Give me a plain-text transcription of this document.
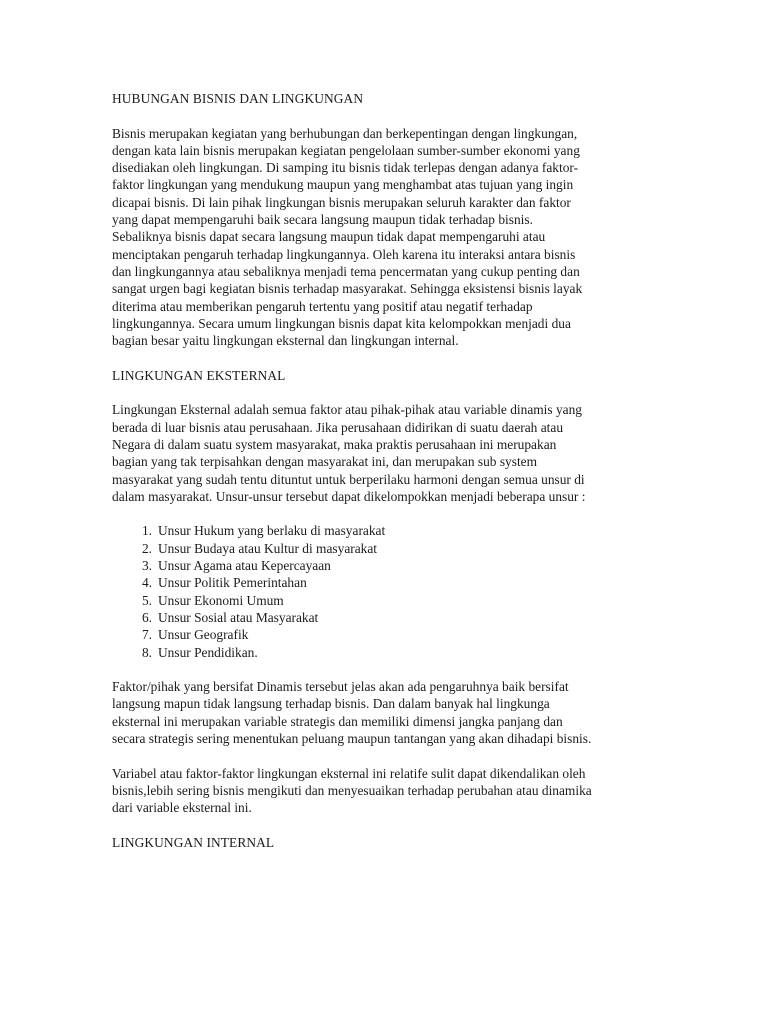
HUBUNGAN BISNIS DAN LINGKUNGAN
Bisnis merupakan kegiatan yang berhubungan dan berkepentingan dengan lingkungan,
dengan kata lain bisnis merupakan kegiatan pengelolaan sumber-sumber ekonomi yang
disediakan oleh lingkungan. Di samping itu bisnis tidak terlepas dengan adanya faktor-
faktor lingkungan yang mendukung maupun yang menghambat atas tujuan yang ingin
dicapai bisnis. Di lain pihak lingkungan bisnis merupakan seluruh karakter dan faktor
yang dapat mempengaruhi baik secara langsung maupun tidak terhadap bisnis.
Sebaliknya bisnis dapat secara langsung maupun tidak dapat mempengaruhi atau
menciptakan pengaruh terhadap lingkungannya. Oleh karena itu interaksi antara bisnis
dan lingkungannya atau sebaliknya menjadi tema pencermatan yang cukup penting dan
sangat urgen bagi kegiatan bisnis terhadap masyarakat. Sehingga eksistensi bisnis layak
diterima atau memberikan pengaruh tertentu yang positif atau negatif terhadap
lingkungannya. Secara umum lingkungan bisnis dapat kita kelompokkan menjadi dua
bagian besar yaitu lingkungan eksternal dan lingkungan internal.
LINGKUNGAN EKSTERNAL
Lingkungan Eksternal adalah semua faktor atau pihak-pihak atau variable dinamis yang
berada di luar bisnis atau perusahaan. Jika perusahaan didirikan di suatu daerah atau
Negara di dalam suatu system masyarakat, maka praktis perusahaan ini merupakan
bagian yang tak terpisahkan dengan masyarakat ini, dan merupakan sub system
masyarakat yang sudah tentu dituntut untuk berperilaku harmoni dengan semua unsur di
dalam masyarakat. Unsur-unsur tersebut dapat dikelompokkan menjadi beberapa unsur :
1. Unsur Hukum yang berlaku di masyarakat
2. Unsur Budaya atau Kultur di masyarakat
3. Unsur Agama atau Kepercayaan
4. Unsur Politik Pemerintahan
5. Unsur Ekonomi Umum
6. Unsur Sosial atau Masyarakat
7. Unsur Geografik
8. Unsur Pendidikan.
Faktor/pihak yang bersifat Dinamis tersebut jelas akan ada pengaruhnya baik bersifat
langsung mapun tidak langsung terhadap bisnis. Dan dalam banyak hal lingkunga
eksternal ini merupakan variable strategis dan memiliki dimensi jangka panjang dan
secara strategis sering menentukan peluang maupun tantangan yang akan dihadapi bisnis.
Variabel atau faktor-faktor lingkungan eksternal ini relatife sulit dapat dikendalikan oleh
bisnis,lebih sering bisnis mengikuti dan menyesuaikan terhadap perubahan atau dinamika
dari variable eksternal ini.
LINGKUNGAN INTERNAL
